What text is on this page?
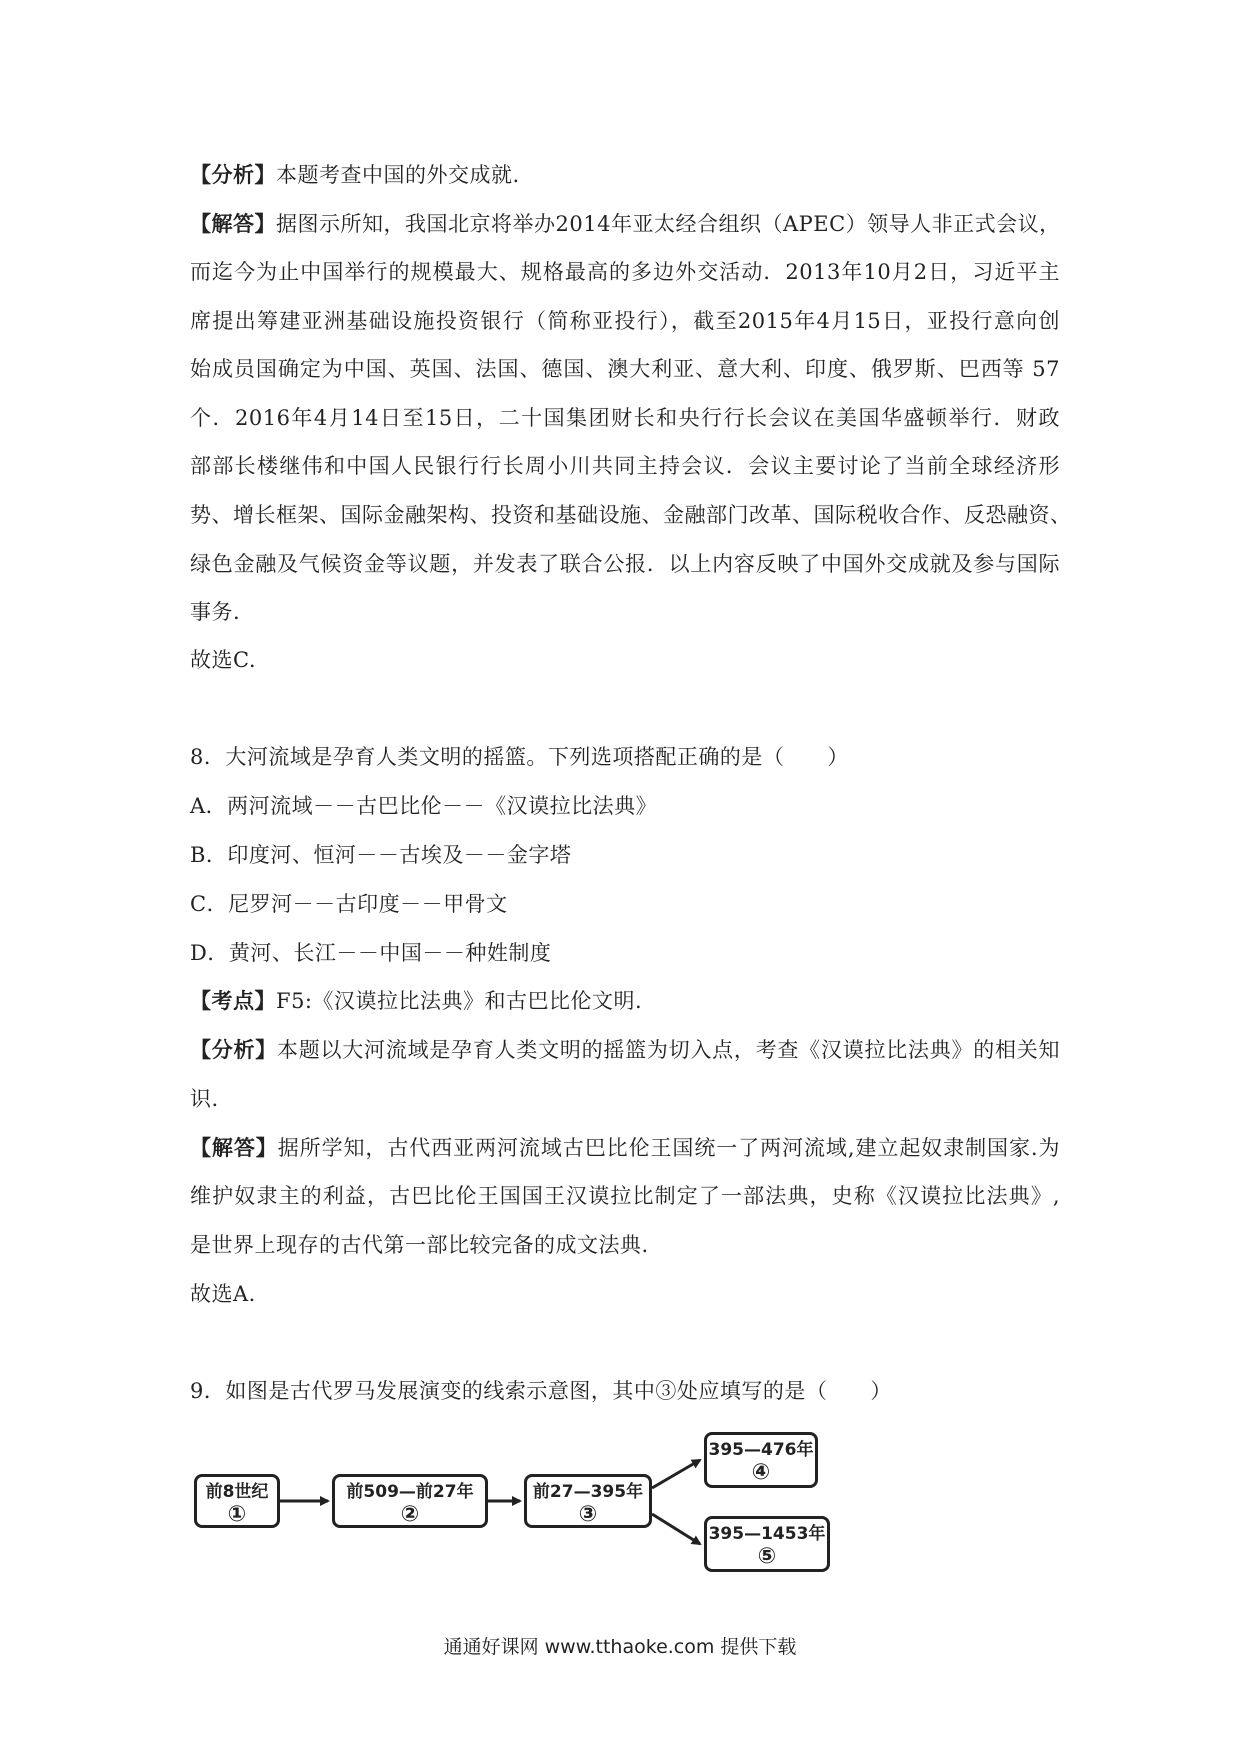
【分析】本题考查中国的外交成就.
【解答】据图示所知，我国北京将举办2014年亚太经合组织（APEC）领导人非正式会议，
而迄今为止中国举行的规模最大、规格最高的多边外交活动．2013年10月2日，习近平主
席提出筹建亚洲基础设施投资银行（简称亚投行），截至2015年4月15日，亚投行意向创
始成员国确定为中国、英国、法国、德国、澳大利亚、意大利、印度、俄罗斯、巴西等 57
个．2016年4月14日至15日，二十国集团财长和央行行长会议在美国华盛顿举行．财政
部部长楼继伟和中国人民银行行长周小川共同主持会议．会议主要讨论了当前全球经济形
势、增长框架、国际金融架构、投资和基础设施、金融部门改革、国际税收合作、反恐融资、
绿色金融及气候资金等议题，并发表了联合公报．以上内容反映了中国外交成就及参与国际
事务.
故选C.
8．大河流域是孕育人类文明的摇篮。下列选项搭配正确的是（　　）
A．两河流域－－古巴比伦－－《汉谟拉比法典》
B．印度河、恒河－－古埃及－－金字塔
C．尼罗河－－古印度－－甲骨文
D．黄河、长江－－中国－－种姓制度
【考点】F5:《汉谟拉比法典》和古巴比伦文明.
【分析】本题以大河流域是孕育人类文明的摇篮为切入点，考查《汉谟拉比法典》的相关知
识.
【解答】据所学知，古代西亚两河流域古巴比伦王国统一了两河流域,建立起奴隶制国家.为
维护奴隶主的利益，古巴比伦王国国王汉谟拉比制定了一部法典，史称《汉谟拉比法典》,
是世界上现存的古代第一部比较完备的成文法典.
故选A.
9．如图是古代罗马发展演变的线索示意图，其中③处应填写的是（　　）
前8世纪
①
前509—前27年
②
前27—395年
③
395—476年
④
395—1453年
⑤
通通好课网 www.tthaoke.com 提供下载
